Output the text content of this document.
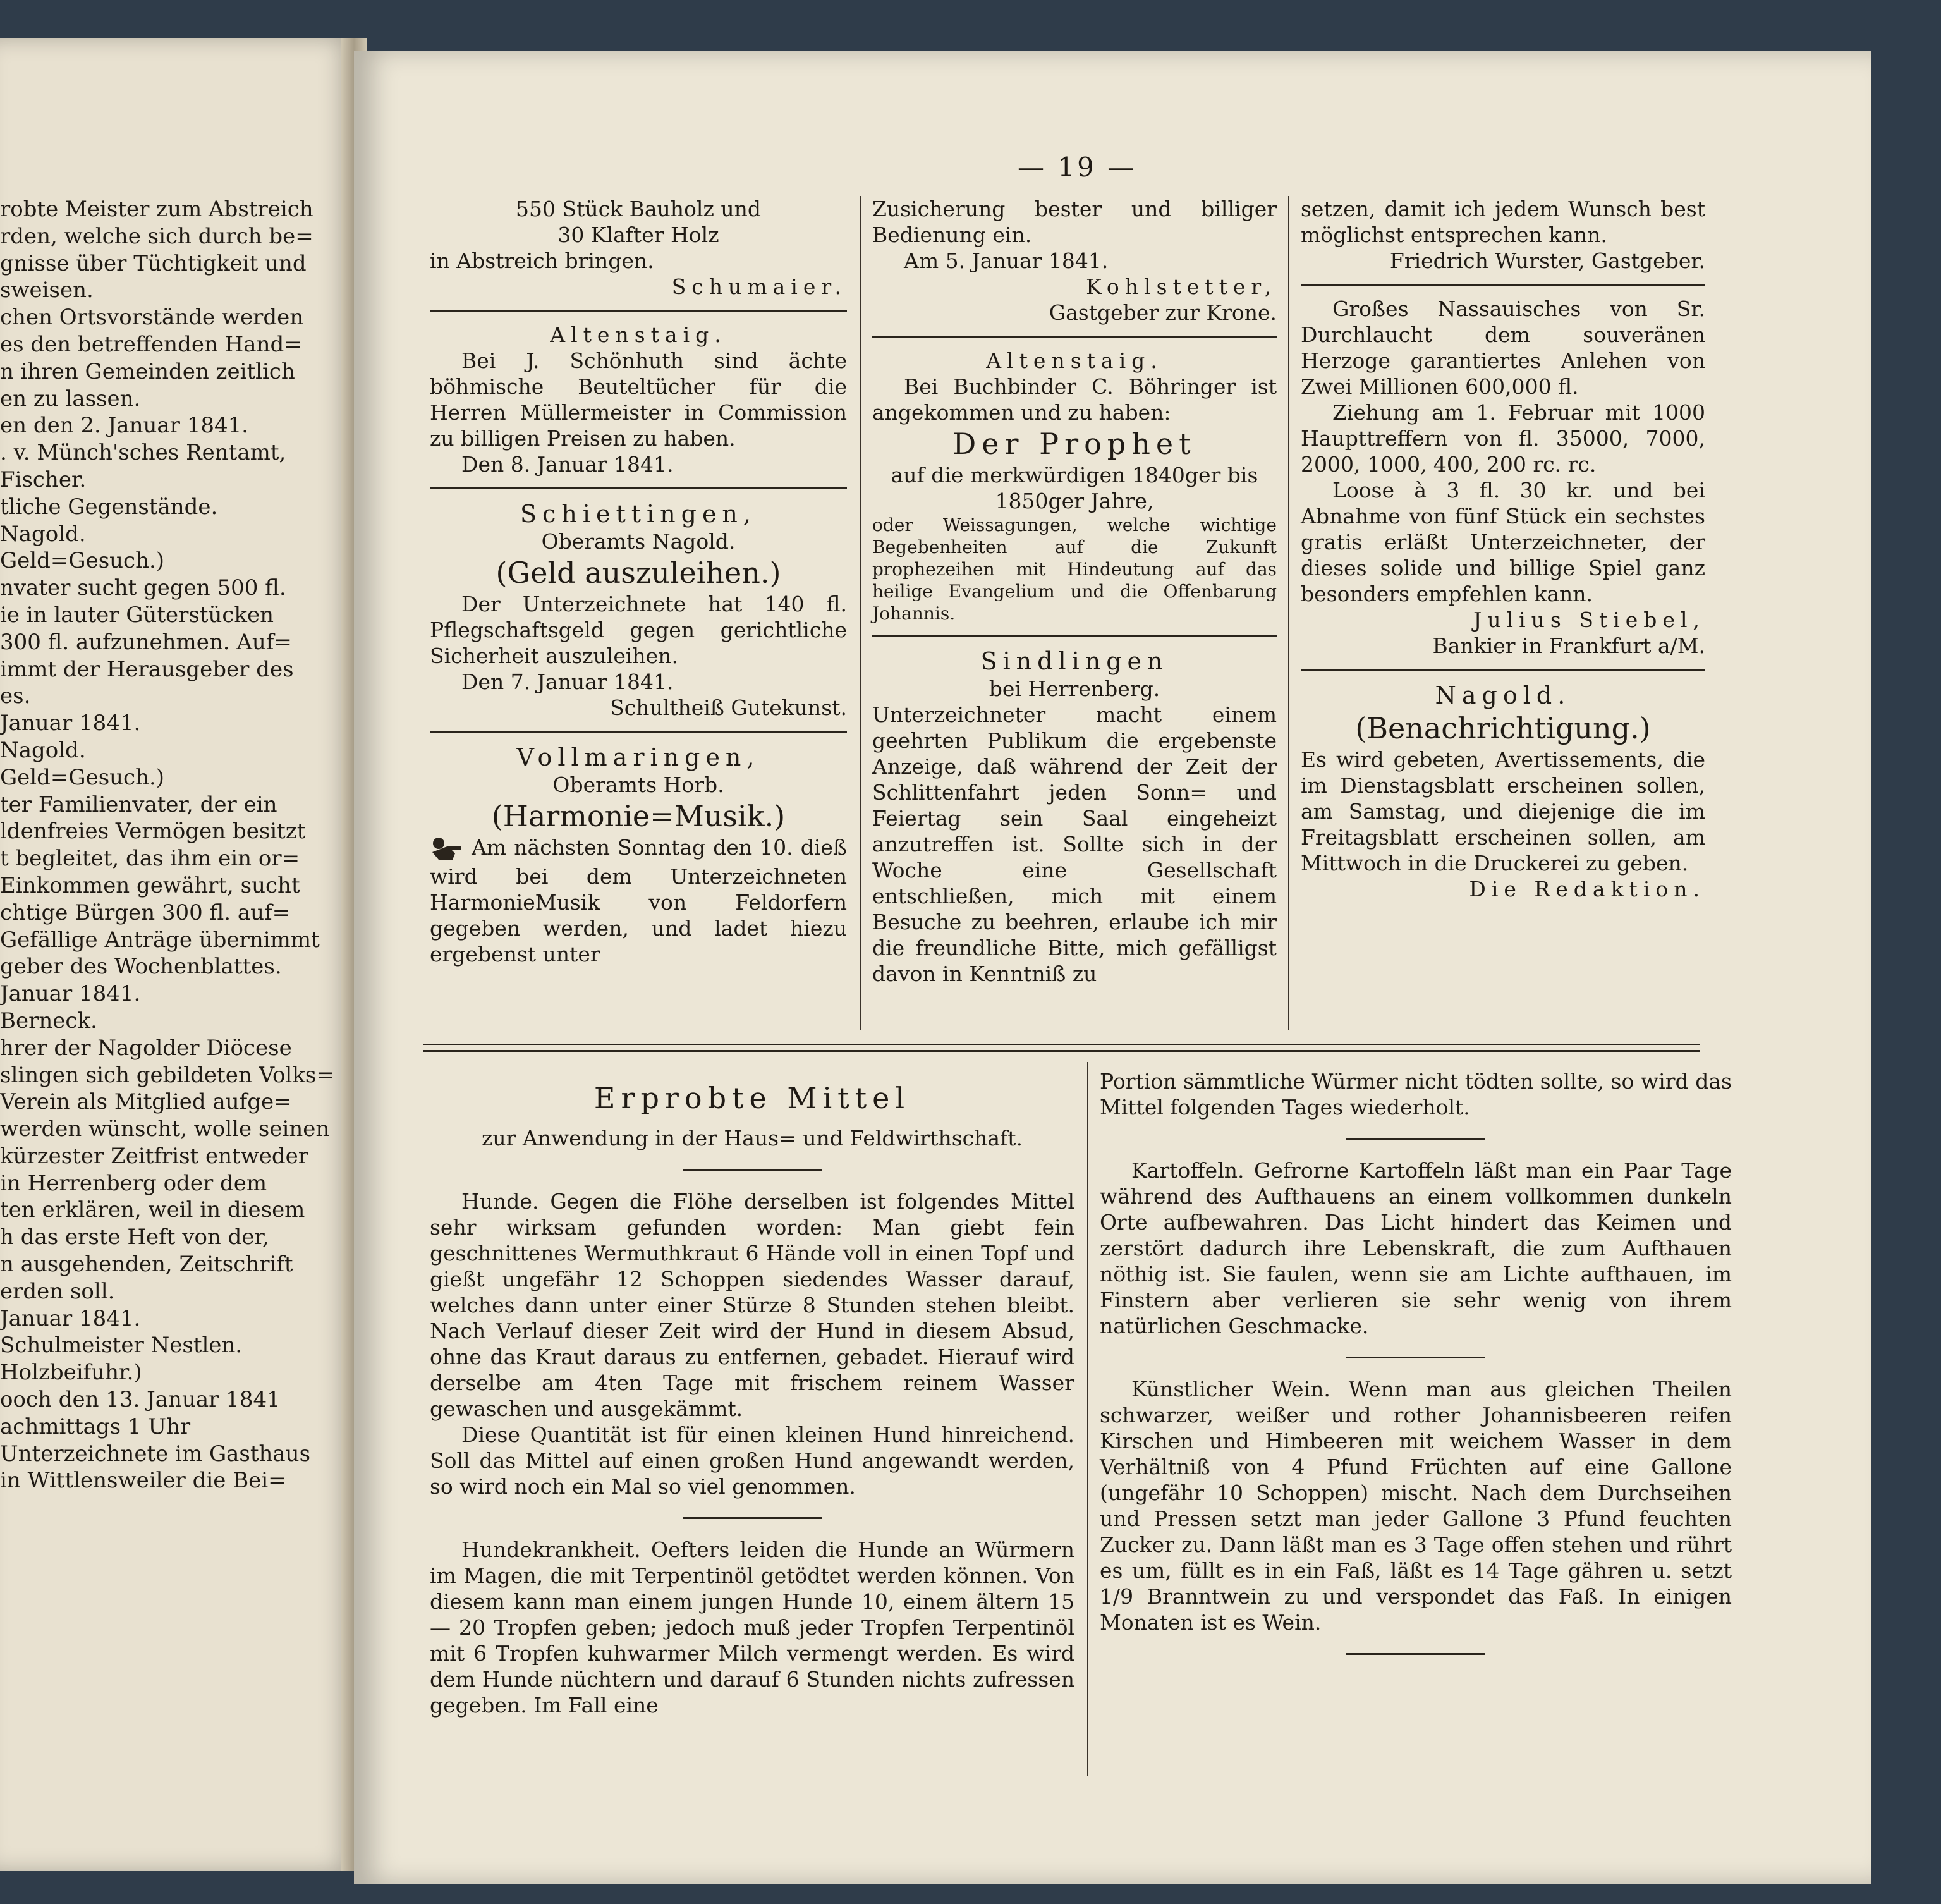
robte Meister zum Abstreich
rden, welche sich durch be=
gnisse über Tüchtigkeit und
sweisen.
chen Ortsvorstände werden
es den betreffenden Hand=
n ihren Gemeinden zeitlich
en zu lassen.
en den 2. Januar 1841.
. v. Münch'sches Rentamt,
Fischer.
tliche Gegenstände.
Nagold.
Geld=Gesuch.)
nvater sucht gegen 500 fl.
ie in lauter Güterstücken
300 fl. aufzunehmen. Auf=
immt der Herausgeber des
es.
Januar 1841.
Nagold.
Geld=Gesuch.)
ter Familienvater, der ein
ldenfreies Vermögen besitzt
t begleitet, das ihm ein or=
Einkommen gewährt, sucht
chtige Bürgen 300 fl. auf=
Gefällige Anträge übernimmt
geber des Wochenblattes.
Januar 1841.
Berneck.
hrer der Nagolder Diöcese
slingen sich gebildeten Volks=
Verein als Mitglied aufge=
werden wünscht, wolle seinen
kürzester Zeitfrist entweder
in Herrenberg oder dem
ten erklären, weil in diesem
h das erste Heft von der,
n ausgehenden, Zeitschrift
erden soll.
Januar 1841.
Schulmeister Nestlen.
Holzbeifuhr.)
ooch den 13. Januar 1841
achmittags 1 Uhr
Unterzeichnete im Gasthaus
in Wittlensweiler die Bei=
— 19 —

550 Stück Bauholz und

30 Klafter Holz

in Abstreich bringen.

Schumaier.

Altenstaig.

Bei J. Schönhuth sind ächte böhmische Beuteltücher für die Herren Müllermeister in Commission zu billigen Preisen zu haben.

Den 8. Januar 1841.

Schiettingen,

Oberamts Nagold.

(Geld auszuleihen.)

Der Unterzeichnete hat 140 fl. Pflegschaftsgeld gegen gerichtliche Sicherheit auszuleihen.

Den 7. Januar 1841.

Schultheiß Gutekunst.

Vollmaringen,

Oberamts Horb.

(Harmonie=Musik.)

Am nächsten Sonntag den 10. dieß wird bei dem Unterzeichneten HarmonieMusik von Feldorfern gegeben werden, und ladet hiezu ergebenst unter

Zusicherung bester und billiger Bedienung ein.

Am 5. Januar 1841.

Kohlstetter,

Gastgeber zur Krone.

Altenstaig.

Bei Buchbinder C. Böhringer ist angekommen und zu haben:

Der Prophet

auf die merkwürdigen 1840ger bis

1850ger Jahre,

oder Weissagungen, welche wichtige Begebenheiten auf die Zukunft prophezeihen mit Hindeutung auf das heilige Evangelium und die Offenbarung Johannis.

Sindlingen

bei Herrenberg.

Unterzeichneter macht einem geehrten Publikum die ergebenste Anzeige, daß während der Zeit der Schlittenfahrt jeden Sonn= und Feiertag sein Saal eingeheizt anzutreffen ist. Sollte sich in der Woche eine Gesellschaft entschließen, mich mit einem Besuche zu beehren, erlaube ich mir die freundliche Bitte, mich gefälligst davon in Kenntniß zu

setzen, damit ich jedem Wunsch best möglichst entsprechen kann.

Friedrich Wurster, Gastgeber.

Großes Nassauisches von Sr. Durchlaucht dem souveränen Herzoge garantiertes Anlehen von Zwei Millionen 600,000 fl.

Ziehung am 1. Februar mit 1000 Haupttreffern von fl. 35000, 7000, 2000, 1000, 400, 200 rc. rc.

Loose à 3 fl. 30 kr. und bei Abnahme von fünf Stück ein sechstes gratis erläßt Unterzeichneter, der dieses solide und billige Spiel ganz besonders empfehlen kann.

Julius Stiebel,

Bankier in Frankfurt a/M.

Nagold.

(Benachrichtigung.)

Es wird gebeten, Avertissements, die im Dienstagsblatt erscheinen sollen, am Samstag, und diejenige die im Freitagsblatt erscheinen sollen, am Mittwoch in die Druckerei zu geben.

Die Redaktion.

Erprobte Mittel

zur Anwendung in der Haus= und Feldwirthschaft.

Hunde. Gegen die Flöhe derselben ist folgendes Mittel sehr wirksam gefunden worden: Man giebt fein geschnittenes Wermuthkraut 6 Hände voll in einen Topf und gießt ungefähr 12 Schoppen siedendes Wasser darauf, welches dann unter einer Stürze 8 Stunden stehen bleibt. Nach Verlauf dieser Zeit wird der Hund in diesem Absud, ohne das Kraut daraus zu entfernen, gebadet. Hierauf wird derselbe am 4ten Tage mit frischem reinem Wasser gewaschen und ausgekämmt.

Diese Quantität ist für einen kleinen Hund hinreichend. Soll das Mittel auf einen großen Hund angewandt werden, so wird noch ein Mal so viel genommen.

Hundekrankheit. Oefters leiden die Hunde an Würmern im Magen, die mit Terpentinöl getödtet werden können. Von diesem kann man einem jungen Hunde 10, einem ältern 15 — 20 Tropfen geben; jedoch muß jeder Tropfen Terpentinöl mit 6 Tropfen kuhwarmer Milch vermengt werden. Es wird dem Hunde nüchtern und darauf 6 Stunden nichts zufressen gegeben. Im Fall eine

Portion sämmtliche Würmer nicht tödten sollte, so wird das Mittel folgenden Tages wiederholt.

Kartoffeln. Gefrorne Kartoffeln läßt man ein Paar Tage während des Aufthauens an einem vollkommen dunkeln Orte aufbewahren. Das Licht hindert das Keimen und zerstört dadurch ihre Lebenskraft, die zum Aufthauen nöthig ist. Sie faulen, wenn sie am Lichte aufthauen, im Finstern aber verlieren sie sehr wenig von ihrem natürlichen Geschmacke.

Künstlicher Wein. Wenn man aus gleichen Theilen schwarzer, weißer und rother Johannisbeeren reifen Kirschen und Himbeeren mit weichem Wasser in dem Verhältniß von 4 Pfund Früchten auf eine Gallone (ungefähr 10 Schoppen) mischt. Nach dem Durchseihen und Pressen setzt man jeder Gallone 3 Pfund feuchten Zucker zu. Dann läßt man es 3 Tage offen stehen und rührt es um, füllt es in ein Faß, läßt es 14 Tage gähren u. setzt 1/9 Branntwein zu und verspondet das Faß. In einigen Monaten ist es Wein.
